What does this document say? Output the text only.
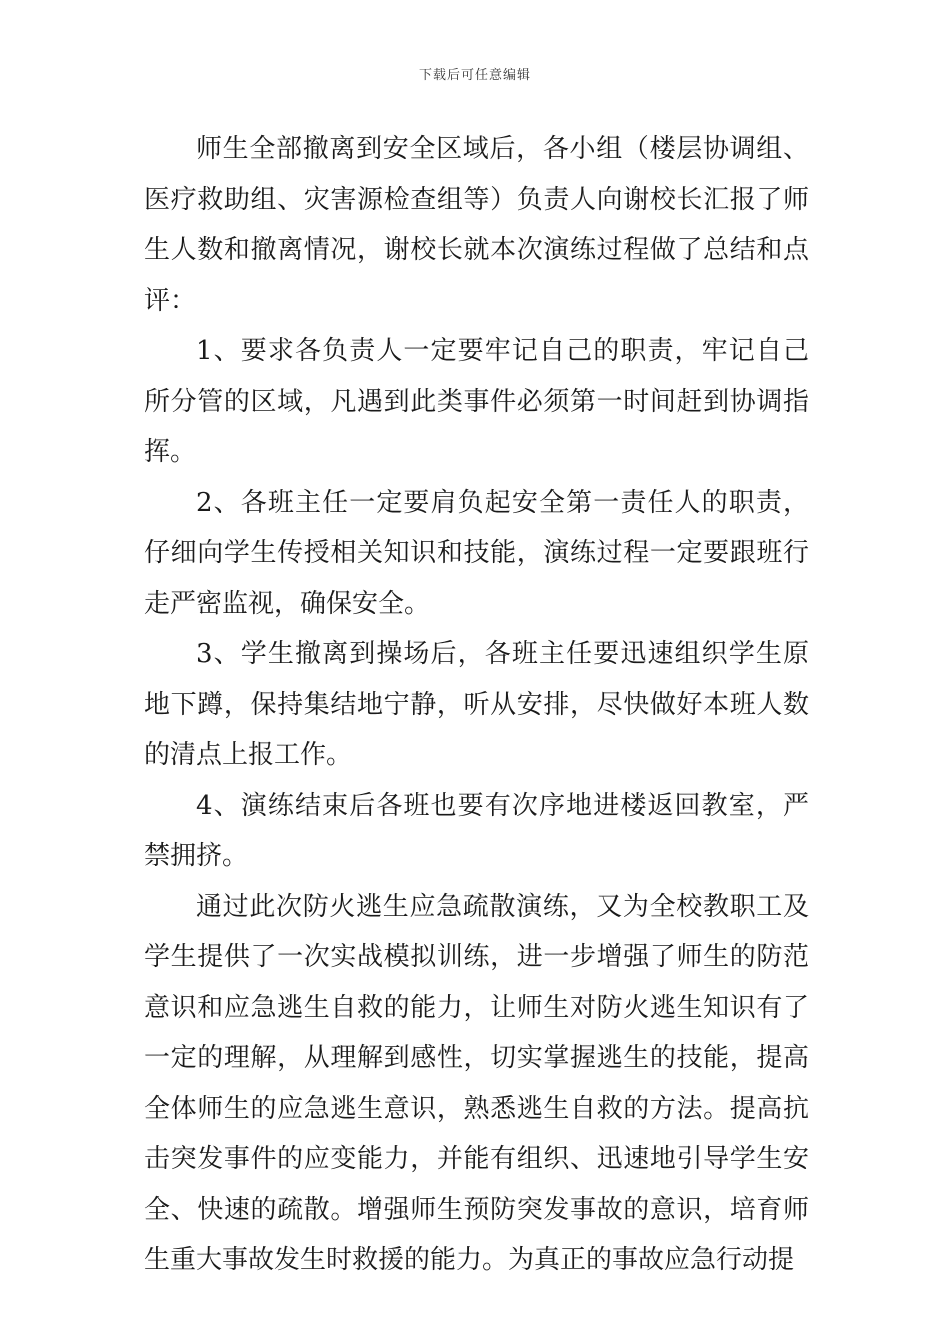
下载后可任意编辑

师生全部撤离到安全区域后，各小组（楼层协调组、医疗救助组、灾害源检查组等）负责人向谢校长汇报了师生人数和撤离情况，谢校长就本次演练过程做了总结和点评：

1、要求各负责人一定要牢记自己的职责，牢记自己所分管的区域，凡遇到此类事件必须第一时间赶到协调指挥。

2、各班主任一定要肩负起安全第一责任人的职责，仔细向学生传授相关知识和技能，演练过程一定要跟班行走严密监视，确保安全。

3、学生撤离到操场后，各班主任要迅速组织学生原地下蹲，保持集结地宁静，听从安排，尽快做好本班人数的清点上报工作。

4、演练结束后各班也要有次序地进楼返回教室，严禁拥挤。

通过此次防火逃生应急疏散演练，又为全校教职工及学生提供了一次实战模拟训练，进一步增强了师生的防范意识和应急逃生自救的能力，让师生对防火逃生知识有了一定的理解，从理解到感性，切实掌握逃生的技能，提高全体师生的应急逃生意识，熟悉逃生自救的方法。提高抗击突发事件的应变能力，并能有组织、迅速地引导学生安全、快速的疏散。增强师生预防突发事故的意识，培育师生重大事故发生时救援的能力。为真正的事故应急行动提
